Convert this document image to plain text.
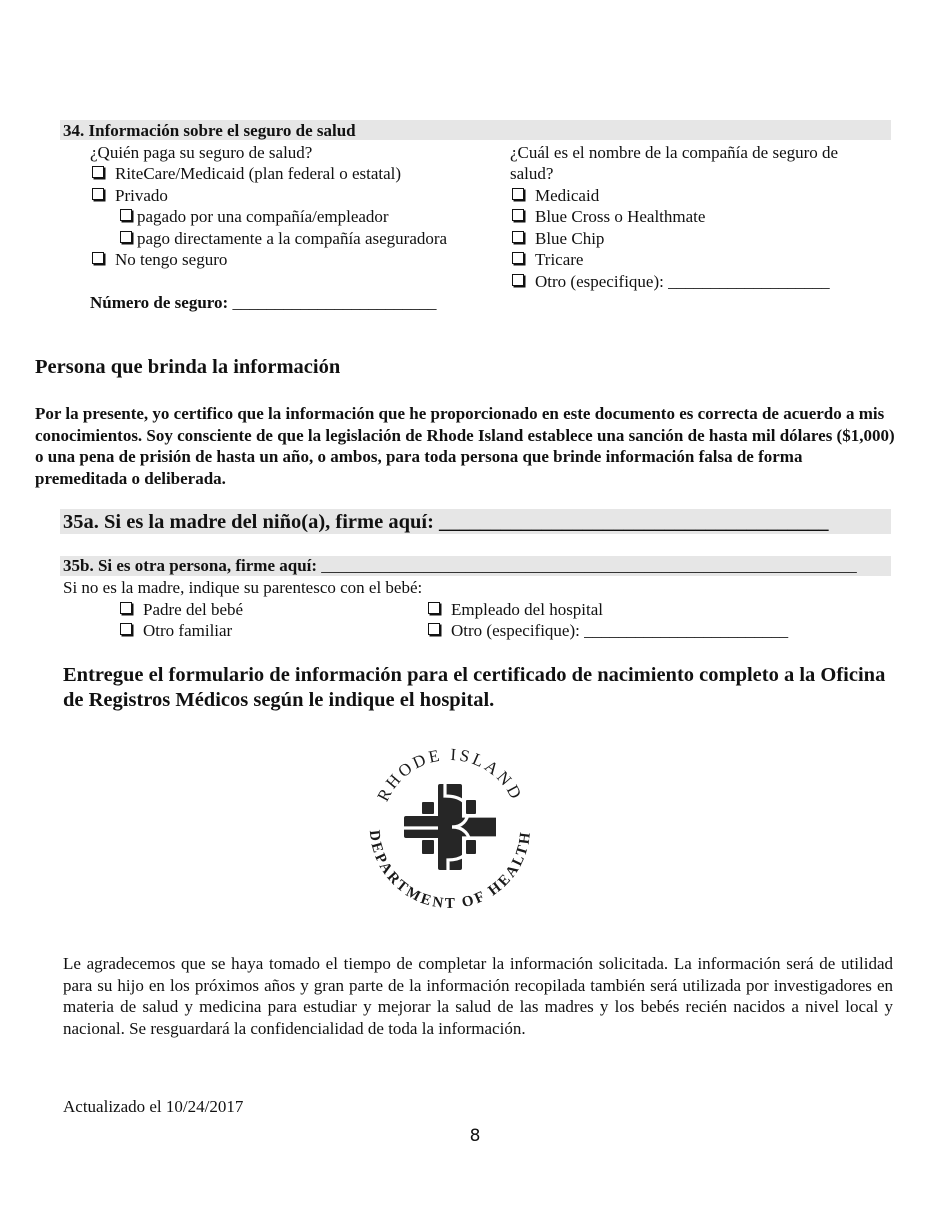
34. Información sobre el seguro de salud
¿Quién paga su seguro de salud?
RiteCare/Medicaid (plan federal o estatal)
Privado
pagado por una compañía/empleador
pago directamente a la compañía aseguradora
No tengo seguro
Número de seguro: ________________________
¿Cuál es el nombre de la compañía de seguro de
salud?
Medicaid
Blue Cross o Healthmate
Blue Chip
Tricare
Otro (especifique): ___________________
Persona que brinda la información
Por la presente, yo certifico que la información que he proporcionado en este documento es correcta de acuerdo a mis conocimientos. Soy consciente de que la legislación de Rhode Island establece una sanción de hasta mil dólares ($1,000) o una pena de prisión de hasta un año, o ambos, para toda persona que brinde información falsa de forma premeditada o deliberada.
35a. Si es la madre del niño(a), firme aquí: ______________________________________
35b. Si es otra persona, firme aquí: _______________________________________________________________
Si no es la madre, indique su parentesco con el bebé:
Padre del bebé
Otro familiar
Empleado del hospital
Otro (especifique): ________________________
Entregue el formulario de información para el certificado de nacimiento completo a la Oficina de Registros Médicos según le indique el hospital.
RHODE ISLAND
DEPARTMENT OF HEALTH
Le agradecemos que se haya tomado el tiempo de completar la información solicitada. La información será de utilidad para su hijo en los próximos años y gran parte de la información recopilada también será utilizada por investigadores en materia de salud y medicina para estudiar y mejorar la salud de las madres y los bebés recién nacidos a nivel local y nacional. Se resguardará la confidencialidad de toda la información.
Actualizado el 10/24/2017
8
